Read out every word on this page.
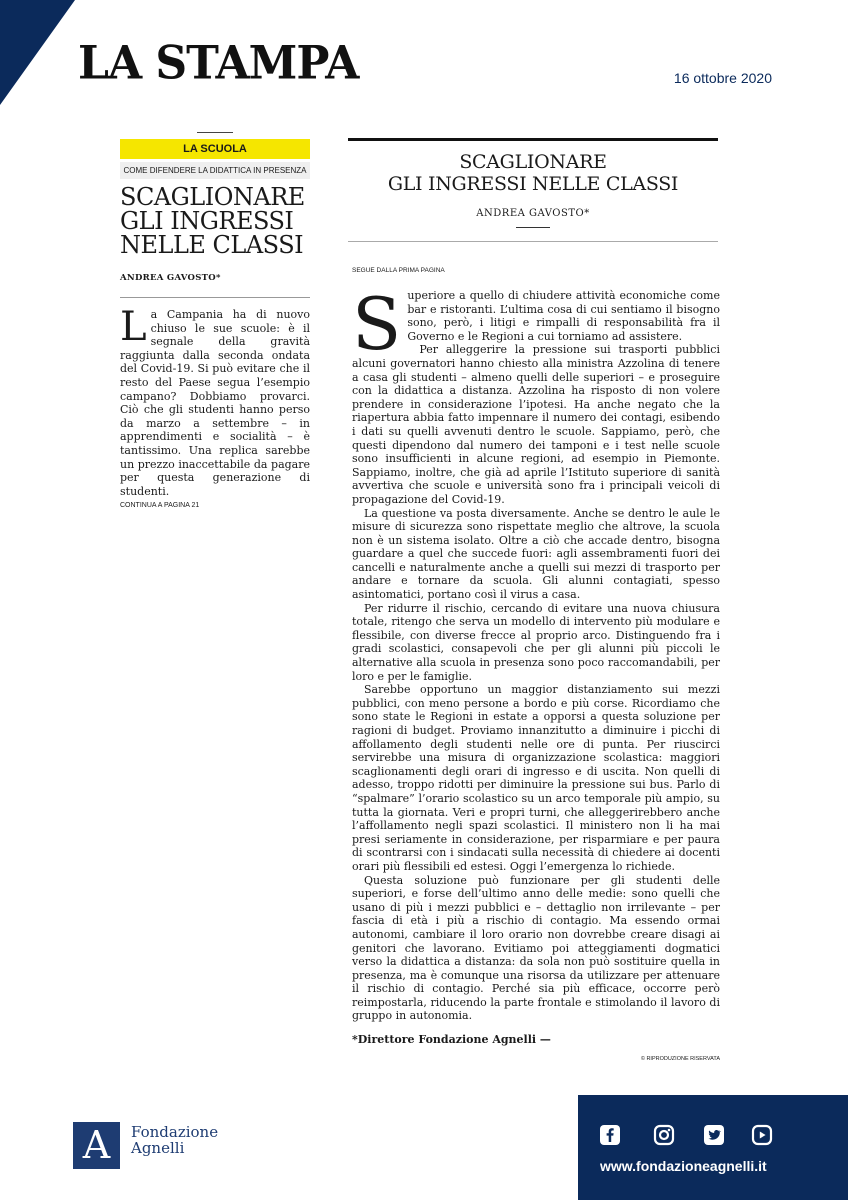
LA STAMPA	16 ottobre 2020
LA SCUOLA
COME DIFENDERE LA DIDATTICA IN PRESENZA
SCAGLIONARE
GLI INGRESSI
NELLE CLASSI
ANDREA GAVOSTO*
L a Campania ha di nuovo chiuso le sue scuole: è il segnale della gravità raggiunta dalla seconda ondata del Covid-19. Si può evitare che il resto del Paese segua l’esempio campano? Dobbiamo provarci. Ciò che gli studenti hanno perso da marzo a settembre – in apprendimenti e socialità – è tantissimo. Una replica sarebbe un prezzo inaccettabile da pagare per questa generazione di studenti.
CONTINUA A PAGINA 21
SCAGLIONARE
GLI INGRESSI NELLE CLASSI
ANDREA GAVOSTO*
SEGUE DALLA PRIMA PAGINA

Superiore a quello di chiudere attività economiche come bar e ristoranti. L’ultima cosa di cui sentiamo il bisogno sono, però, i litigi e rimpalli di responsabilità fra il Governo e le Regioni a cui torniamo ad assistere.

Per alleggerire la pressione sui trasporti pubblici alcuni governatori hanno chiesto alla ministra Azzolina di tenere a casa gli studenti – almeno quelli delle superiori – e proseguire con la didattica a distanza. Azzolina ha risposto di non volere prendere in considerazione l’ipotesi. Ha anche negato che la riapertura abbia fatto impennare il numero dei contagi, esibendo i dati su quelli avvenuti dentro le scuole. Sappiamo, però, che questi dipendono dal numero dei tamponi e i test nelle scuole sono insufficienti in alcune regioni, ad esempio in Piemonte. Sappiamo, inoltre, che già ad aprile l’Istituto superiore di sanità avvertiva che scuole e università sono fra i principali veicoli di propagazione del Covid-19.

La questione va posta diversamente. Anche se dentro le aule le misure di sicurezza sono rispettate meglio che altrove, la scuola non è un sistema isolato. Oltre a ciò che accade dentro, bisogna guardare a quel che succede fuori: agli assembramenti fuori dei cancelli e naturalmente anche a quelli sui mezzi di trasporto per andare e tornare da scuola. Gli alunni contagiati, spesso asintomatici, portano così il virus a casa.

Per ridurre il rischio, cercando di evitare una nuova chiusura totale, ritengo che serva un modello di intervento più modulare e flessibile, con diverse frecce al proprio arco. Distinguendo fra i gradi scolastici, consapevoli che per gli alunni più piccoli le alternative alla scuola in presenza sono poco raccomandabili, per loro e per le famiglie.

Sarebbe opportuno un maggior distanziamento sui mezzi pubblici, con meno persone a bordo e più corse. Ricordiamo che sono state le Regioni in estate a opporsi a questa soluzione per ragioni di budget. Proviamo innanzitutto a diminuire i picchi di affollamento degli studenti nelle ore di punta. Per riuscirci servirebbe una misura di organizzazione scolastica: maggiori scaglionamenti degli orari di ingresso e di uscita. Non quelli di adesso, troppo ridotti per diminuire la pressione sui bus. Parlo di “spalmare” l’orario scolastico su un arco temporale più ampio, su tutta la giornata. Veri e propri turni, che alleggerirebbero anche l’affollamento negli spazi scolastici. Il ministero non li ha mai presi seriamente in considerazione, per risparmiare e per paura di scontrarsi con i sindacati sulla necessità di chiedere ai docenti orari più flessibili ed estesi. Oggi l’emergenza lo richiede.

Questa soluzione può funzionare per gli studenti delle superiori, e forse dell’ultimo anno delle medie: sono quelli che usano di più i mezzi pubblici e – dettaglio non irrilevante – per fascia di età i più a rischio di contagio. Ma essendo ormai autonomi, cambiare il loro orario non dovrebbe creare disagi ai genitori che lavorano. Evitiamo poi atteggiamenti dogmatici verso la didattica a distanza: da sola non può sostituire quella in presenza, ma è comunque una risorsa da utilizzare per attenuare il rischio di contagio. Perché sia più efficace, occorre però reimpostarla, riducendo la parte frontale e stimolando il lavoro di gruppo in autonomia.

*Direttore Fondazione Agnelli —
© RIPRODUZIONE RISERVATA
A	Fondazione
Agnelli
www.fondazioneagnelli.it
